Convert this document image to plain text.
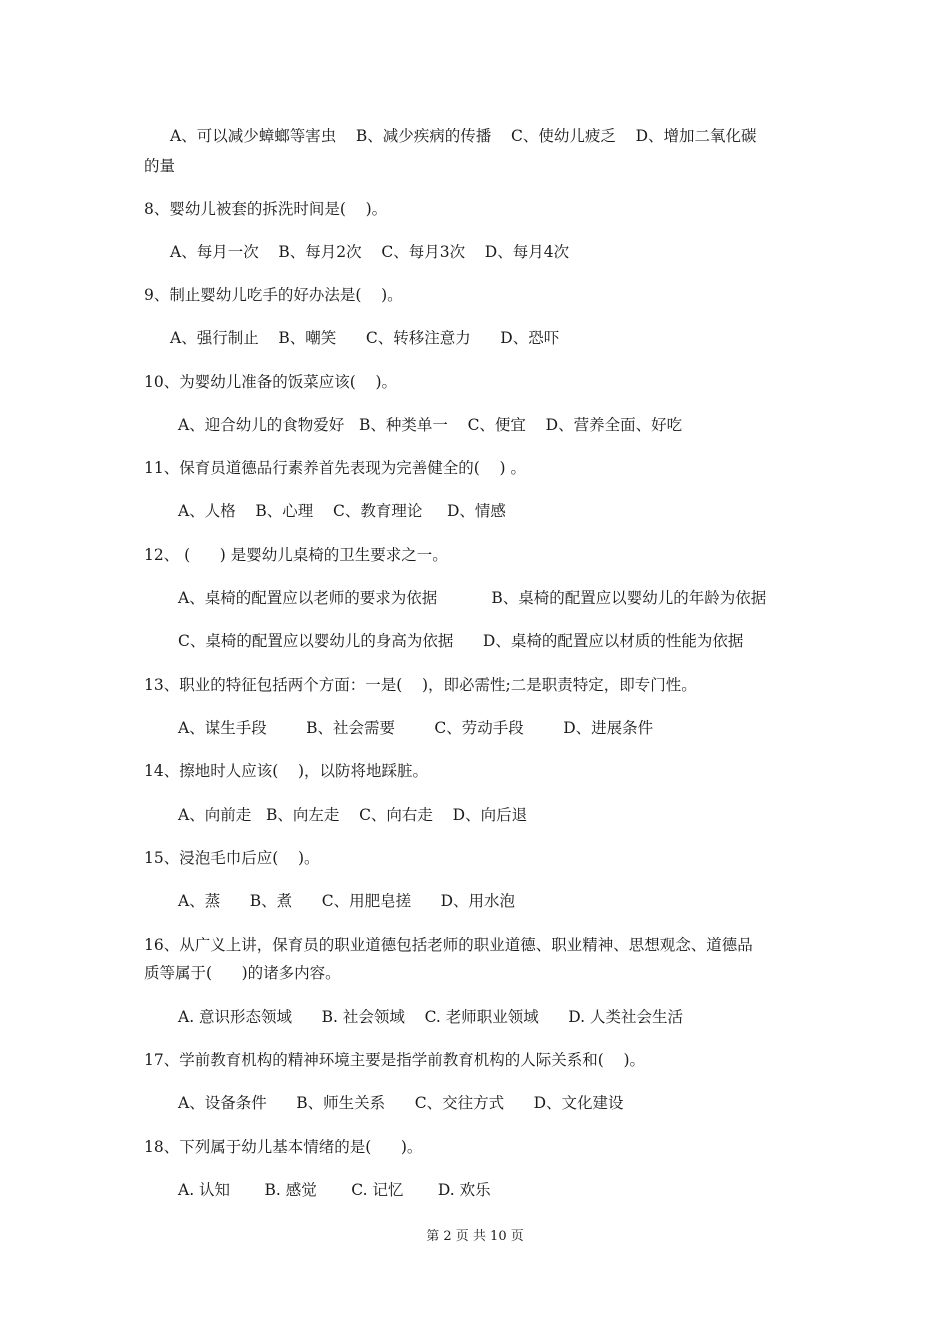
A、可以减少蟑螂等害虫    B、减少疾病的传播    C、使幼儿疲乏    D、增加二氧化碳
的量
8、婴幼儿被套的拆洗时间是(    )。
A、每月一次    B、每月2次    C、每月3次    D、每月4次
9、制止婴幼儿吃手的好办法是(    )。
A、强行制止    B、嘲笑      C、转移注意力      D、恐吓
10、为婴幼儿准备的饭菜应该(    )。
A、迎合幼儿的食物爱好   B、种类单一    C、便宜    D、营养全面、好吃
11、保育员道德品行素养首先表现为完善健全的(    ) 。
A、人格    B、心理    C、教育理论     D、情感
12、 (      ) 是婴幼儿桌椅的卫生要求之一。
A、桌椅的配置应以老师的要求为依据           B、桌椅的配置应以婴幼儿的年龄为依据
C、桌椅的配置应以婴幼儿的身高为依据      D、桌椅的配置应以材质的性能为依据
13、职业的特征包括两个方面：一是(    )，即必需性;二是职责特定，即专门性。
A、谋生手段        B、社会需要        C、劳动手段        D、进展条件
14、擦地时人应该(    )，以防将地踩脏。
A、向前走   B、向左走    C、向右走    D、向后退
15、浸泡毛巾后应(    )。
A、蒸      B、煮      C、用肥皂搓      D、用水泡
16、从广义上讲，保育员的职业道德包括老师的职业道德、职业精神、思想观念、道德品
质等属于(      )的诸多内容。
A. 意识形态领域      B. 社会领域    C. 老师职业领域      D. 人类社会生活
17、学前教育机构的精神环境主要是指学前教育机构的人际关系和(    )。
A、设备条件      B、师生关系      C、交往方式      D、文化建设
18、下列属于幼儿基本情绪的是(      )。
A. 认知       B. 感觉       C. 记忆       D. 欢乐
第 2 页 共 10 页
